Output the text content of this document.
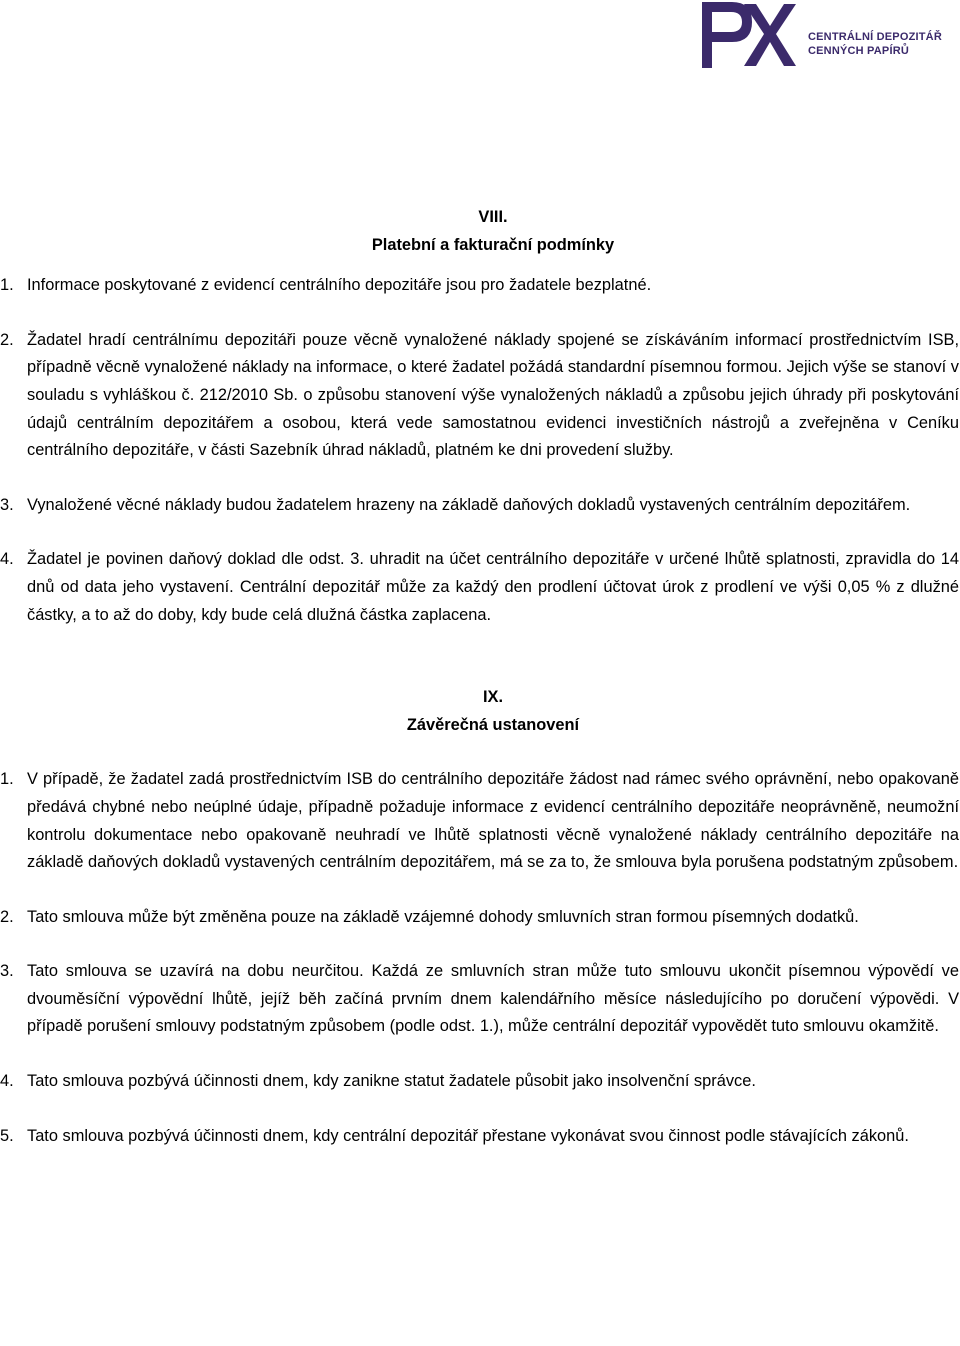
CENTRÁLNÍ DEPOZITÁŘ
CENNÝCH PAPÍRŮ
VIII.
Platební a fakturační podmínky

1. Informace poskytované z evidencí centrálního depozitáře jsou pro žadatele bezplatné.

2. Žadatel hradí centrálnímu depozitáři pouze věcně vynaložené náklady spojené se získáváním informací prostřednictvím ISB, případně věcně vynaložené náklady na informace, o které žadatel požádá standardní písemnou formou. Jejich výše se stanoví v souladu s vyhláškou č. 212/2010 Sb. o způsobu stanovení výše vynaložených nákladů a způsobu jejich úhrady při poskytování údajů centrálním depozitářem a osobou, která vede samostatnou evidenci investičních nástrojů a zveřejněna v Ceníku centrálního depozitáře, v části Sazebník úhrad nákladů, platném ke dni provedení služby.

3. Vynaložené věcné náklady budou žadatelem hrazeny na základě daňových dokladů vystavených centrálním depozitářem.

4. Žadatel je povinen daňový doklad dle odst. 3. uhradit na účet centrálního depozitáře v určené lhůtě splatnosti, zpravidla do 14 dnů od data jeho vystavení. Centrální depozitář může za každý den prodlení účtovat úrok z prodlení ve výši 0,05 % z dlužné částky, a to až do doby, kdy bude celá dlužná částka zaplacena.

IX.
Závěrečná ustanovení

1. V případě, že žadatel zadá prostřednictvím ISB do centrálního depozitáře žádost nad rámec svého oprávnění, nebo opakovaně předává chybné nebo neúplné údaje, případně požaduje informace z evidencí centrálního depozitáře neoprávněně, neumožní kontrolu dokumentace nebo opakovaně neuhradí ve lhůtě splatnosti věcně vynaložené náklady centrálního depozitáře na základě daňových dokladů vystavených centrálním depozitářem, má se za to, že smlouva byla porušena podstatným způsobem.

2. Tato smlouva může být změněna pouze na základě vzájemné dohody smluvních stran formou písemných dodatků.

3. Tato smlouva se uzavírá na dobu neurčitou. Každá ze smluvních stran může tuto smlouvu ukončit písemnou výpovědí ve dvouměsíční výpovědní lhůtě, jejíž běh začíná prvním dnem kalendářního měsíce následujícího po doručení výpovědi. V případě porušení smlouvy podstatným způsobem (podle odst. 1.), může centrální depozitář vypovědět tuto smlouvu okamžitě.

4. Tato smlouva pozbývá účinnosti dnem, kdy zanikne statut žadatele působit jako insolvenční správce.

5. Tato smlouva pozbývá účinnosti dnem, kdy centrální depozitář přestane vykonávat svou činnost podle stávajících zákonů.
